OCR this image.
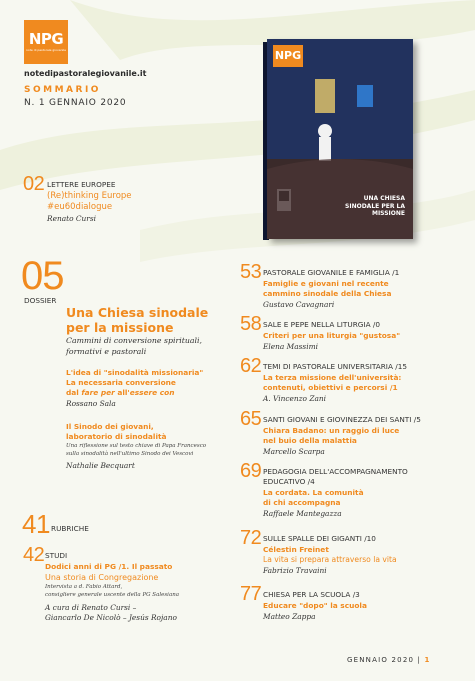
NPG
note di pastorale giovanile
notedipastoralegiovanile.it
SOMMARIO
N. 1 GENNAIO 2020
NPG
UNA CHIESA SINODALE PER LA MISSIONE
02 LETTERE EUROPEE
(Re)thinking Europe
#eu60dialogue
Renato Cursi
05
DOSSIER
Una Chiesa sinodale
per la missione
Cammini di conversione spirituali,
formativi e pastorali
L'idea di "sinodalità missionaria"
La necessaria conversione
dal fare per all'essere con
Rossano Sala
Il Sinodo dei giovani,
laboratorio di sinodalità
Una riflessione sul testo chiave di Papa Francesco
sulla sinodalità nell'ultimo Sinodo dei Vescovi
Nathalie Becquart
41 RUBRICHE
42 STUDI
Dodici anni di PG /1. Il passato
Una storia di Congregazione
Intervista a d. Fabio Attard,
consigliere generale uscente della PG Salesiana
A cura di Renato Cursi –
Giancarlo De Nicolò – Jesús Rojano
53 PASTORALE GIOVANILE E FAMIGLIA /1
Famiglie e giovani nel recente
cammino sinodale della Chiesa
Gustavo Cavagnari
58 SALE E PEPE NELLA LITURGIA /0
Criteri per una liturgia "gustosa"
Elena Massimi
62 TEMI DI PASTORALE UNIVERSITARIA /15
La terza missione dell'università:
contenuti, obiettivi e percorsi /1
A. Vincenzo Zani
65 SANTI GIOVANI E GIOVINEZZA DEI SANTI /5
Chiara Badano: un raggio di luce
nel buio della malattia
Marcello Scarpa
69 PEDAGOGIA DELL'ACCOMPAGNAMENTO
EDUCATIVO /4
La cordata. La comunità
di chi accompagna
Raffaele Mantegazza
72 SULLE SPALLE DEI GIGANTI /10
Célestin Freinet
La vita si prepara attraverso la vita
Fabrizio Travaini
77 CHIESA PER LA SCUOLA /3
Educare "dopo" la scuola
Matteo Zappa
GENNAIO 2020 | 1
